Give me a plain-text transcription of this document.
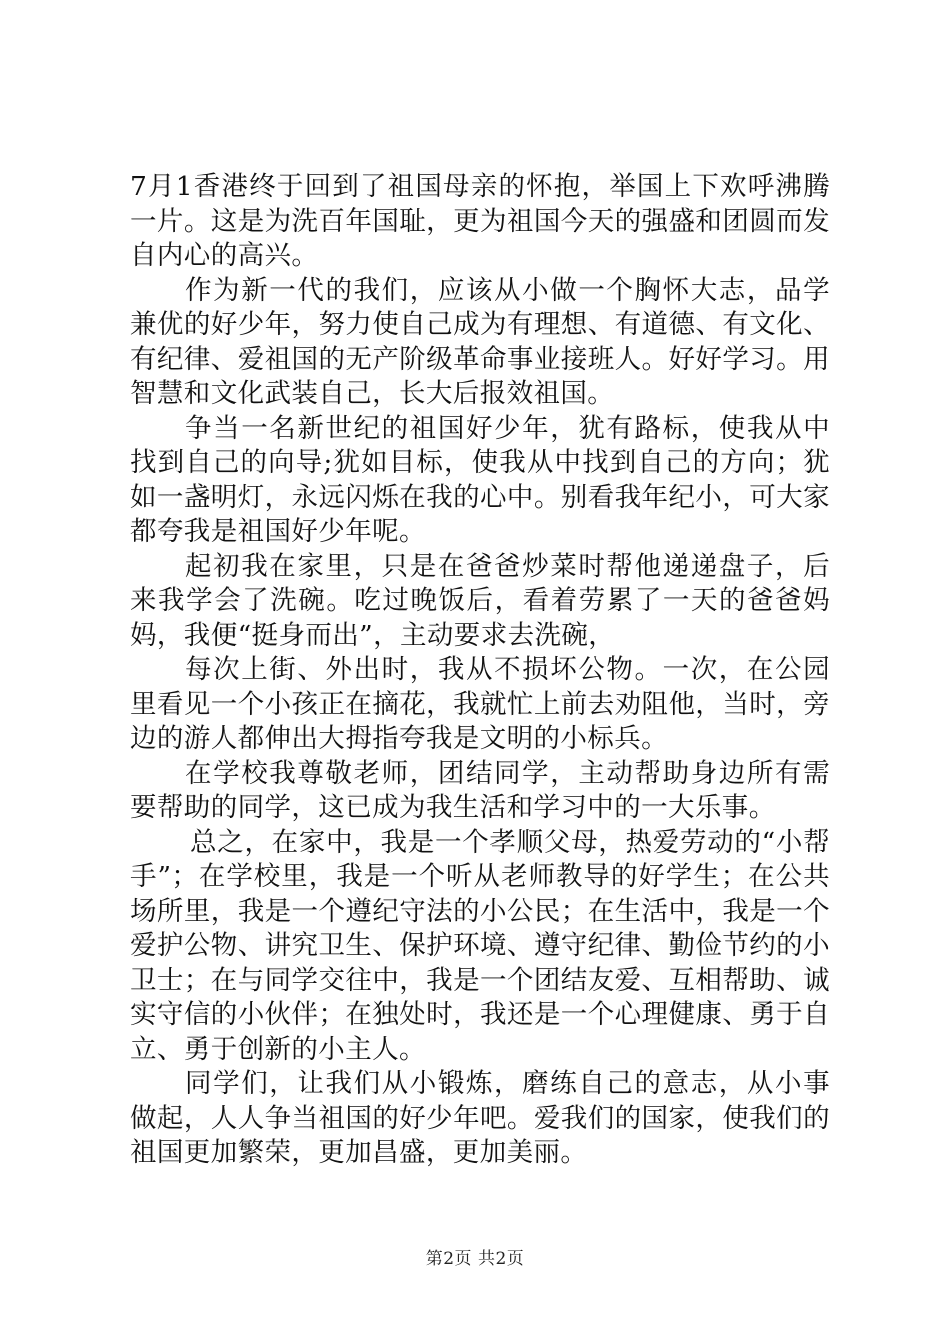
7月1香港终于回到了祖国母亲的怀抱，举国上下欢呼沸腾一片。这是为洗百年国耻，更为祖国今天的强盛和团圆而发自内心的高兴。

作为新一代的我们，应该从小做一个胸怀大志，品学兼优的好少年，努力使自己成为有理想、有道德、有文化、有纪律、爱祖国的无产阶级革命事业接班人。好好学习。用智慧和文化武装自己，长大后报效祖国。

争当一名新世纪的祖国好少年，犹有路标，使我从中找到自己的向导;犹如目标，使我从中找到自己的方向；犹如一盏明灯，永远闪烁在我的心中。别看我年纪小，可大家都夸我是祖国好少年呢。

起初我在家里，只是在爸爸炒菜时帮他递递盘子，后来我学会了洗碗。吃过晚饭后，看着劳累了一天的爸爸妈妈，我便“挺身而出”，主动要求去洗碗，

每次上街、外出时，我从不损坏公物。一次，在公园里看见一个小孩正在摘花，我就忙上前去劝阻他，当时，旁边的游人都伸出大拇指夸我是文明的小标兵。

在学校我尊敬老师，团结同学，主动帮助身边所有需要帮助的同学，这已成为我生活和学习中的一大乐事。

总之，在家中，我是一个孝顺父母，热爱劳动的“小帮手”；在学校里，我是一个听从老师教导的好学生；在公共场所里，我是一个遵纪守法的小公民；在生活中，我是一个爱护公物、讲究卫生、保护环境、遵守纪律、勤俭节约的小卫士；在与同学交往中，我是一个团结友爱、互相帮助、诚实守信的小伙伴；在独处时，我还是一个心理健康、勇于自立、勇于创新的小主人。

同学们，让我们从小锻炼，磨练自己的意志，从小事做起，人人争当祖国的好少年吧。爱我们的国家，使我们的祖国更加繁荣，更加昌盛，更加美丽。

第2页 共2页
